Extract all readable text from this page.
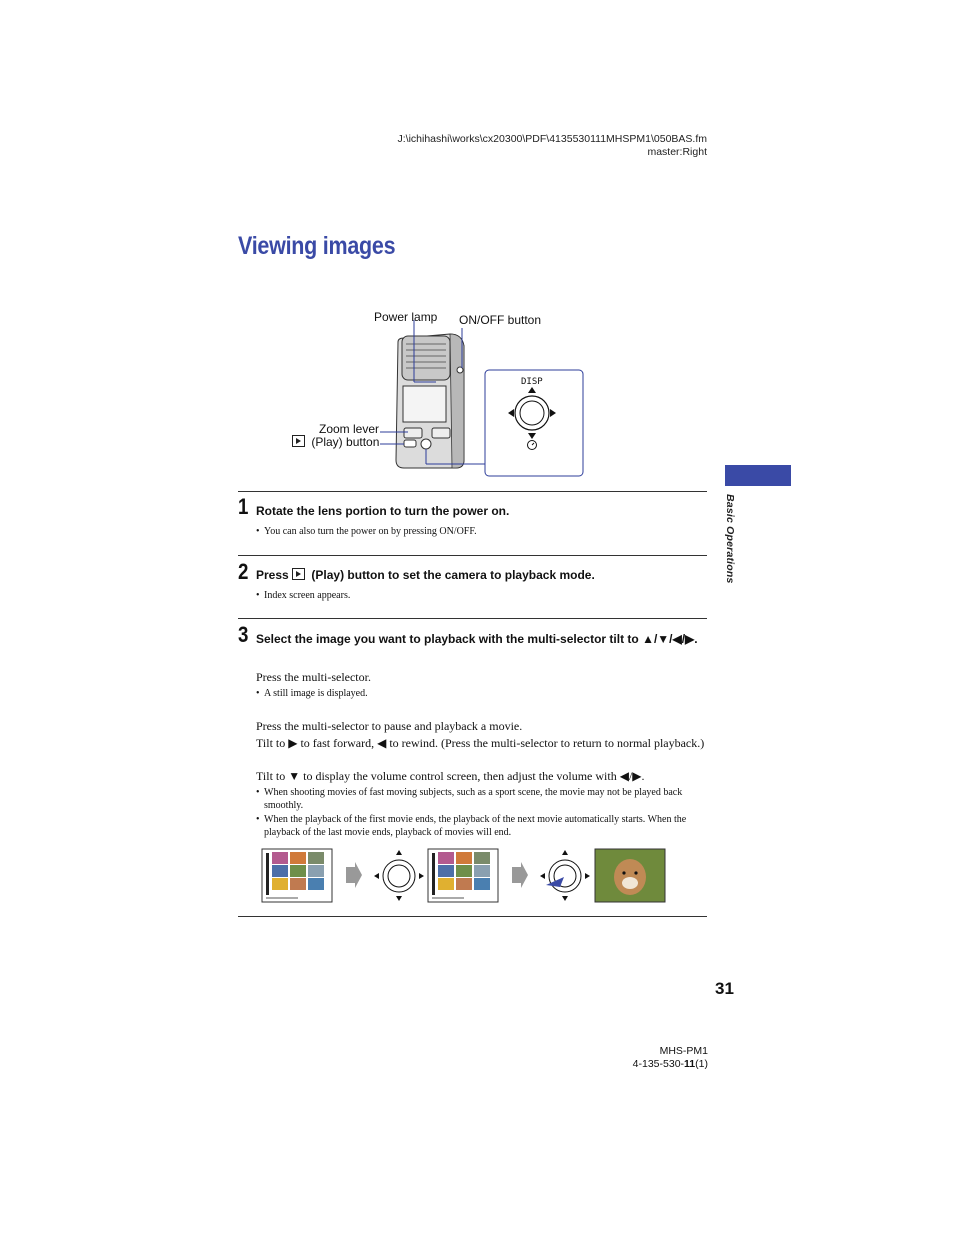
J:\ichihashi\works\cx20300\PDF\4135530111MHSPM1\050BAS.fm
master:Right
Viewing images
Power lamp ON/OFF button
Zoom lever
(Play) button
DISP
Basic Operations
1 Rotate the lens portion to turn the power on.
• You can also turn the power on by pressing ON/OFF.
2 Press (Play) button to set the camera to playback mode.
• Index screen appears.
3 Select the image you want to playback with the multi-selector tilt to ▲/▼/◀/▶.
Press the multi-selector.
• A still image is displayed.
Press the multi-selector to pause and playback a movie.
Tilt to ▶ to fast forward, ◀ to rewind. (Press the multi-selector to return to normal playback.)
Tilt to ▼ to display the volume control screen, then adjust the volume with ◀/▶.
• When shooting movies of fast moving subjects, such as a sport scene, the movie may not be played back smoothly.
• When the playback of the first movie ends, the playback of the next movie automatically starts. When the playback of the last movie ends, playback of movies will end.
31
MHS-PM1
4-135-530-11(1)
